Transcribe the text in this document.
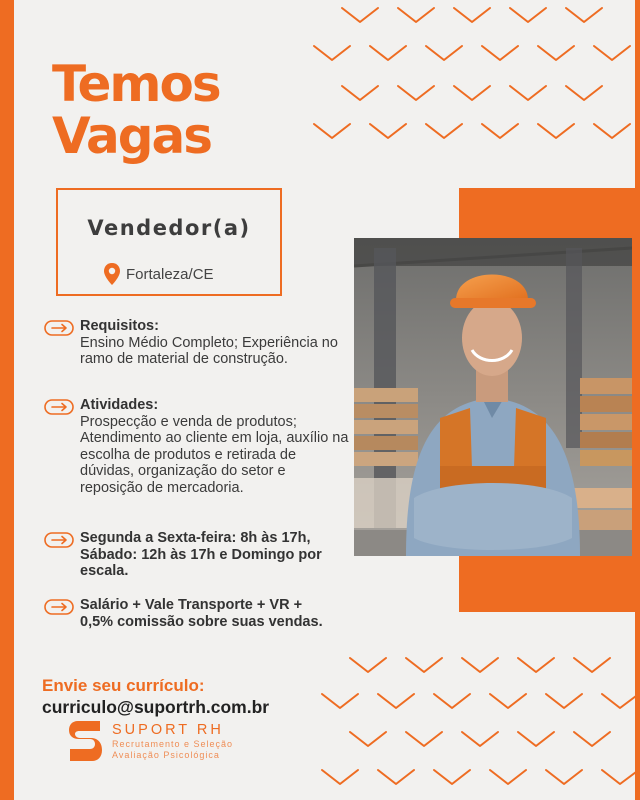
Temos
Vagas
Vendedor(a)
Fortaleza/CE
Requisitos:
Ensino Médio Completo; Experiência no ramo de material de construção.
Atividades:
Prospecção e venda de produtos; Atendimento ao cliente em loja, auxílio na escolha de produtos e retirada de dúvidas, organização do setor e reposição de mercadoria.
Segunda a Sexta-feira: 8h às 17h, Sábado: 12h às 17h e Domingo por escala.
Salário + Vale Transporte + VR + 0,5% comissão sobre suas vendas.
Envie seu currículo:
curriculo@suportrh.com.br
SUPORT RH
Recrutamento e Seleção
Avaliação Psicológica
